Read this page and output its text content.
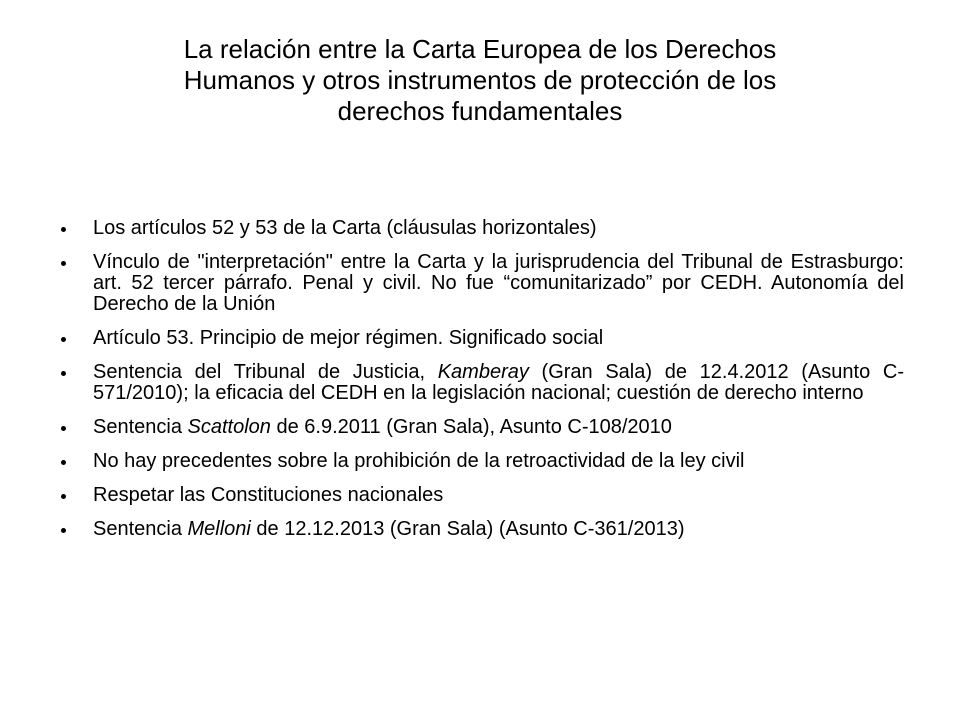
La relación entre la Carta Europea de los Derechos Humanos y otros instrumentos de protección de los derechos fundamentales
Los artículos 52 y 53 de la Carta (cláusulas horizontales)
Vínculo de "interpretación" entre la Carta y la jurisprudencia del Tribunal de Estrasburgo: art. 52 tercer párrafo. Penal y civil. No fue “comunitarizado” por CEDH. Autonomía del Derecho de la Unión
Artículo 53. Principio de mejor régimen. Significado social
Sentencia del Tribunal de Justicia, Kamberay (Gran Sala) de 12.4.2012 (Asunto C-571/2010); la eficacia del CEDH en la legislación nacional; cuestión de derecho interno
Sentencia Scattolon de 6.9.2011 (Gran Sala), Asunto C-108/2010
No hay precedentes sobre la prohibición de la retroactividad de la ley civil
Respetar las Constituciones nacionales
Sentencia Melloni de 12.12.2013 (Gran Sala) (Asunto C-361/2013)
